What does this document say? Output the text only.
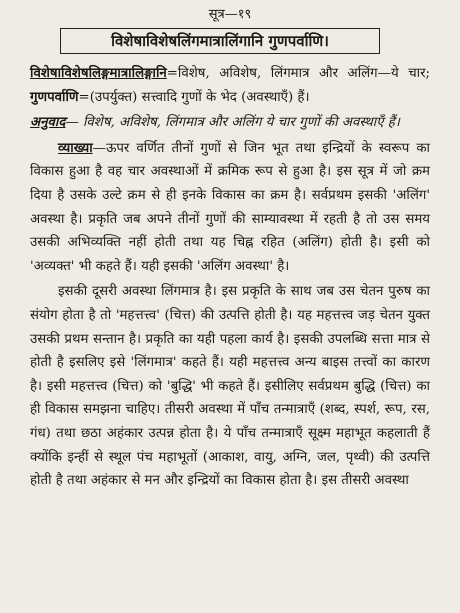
सूत्र—१९
विशेषाविशेषलिंगमात्रालिंगानि गुणपर्वाणि।

विशेषाविशेषलिङ्गमात्रालिङ्गानि=विशेष, अविशेष, लिंगमात्र और अलिंग—ये चार; गुणपर्वाणि=(उपर्युक्त) सत्त्वादि गुणों के भेद (अवस्थाएँ) हैं।

अनुवाद— विशेष, अविशेष, लिंगमात्र और अलिंग ये चार गुणों की अवस्थाएँ हैं।

व्याख्या—ऊपर वर्णित तीनों गुणों से जिन भूत तथा इन्द्रियों के स्वरूप का विकास हुआ है वह चार अवस्थाओं में क्रमिक रूप से हुआ है। इस सूत्र में जो क्रम दिया है उसके उल्टे क्रम से ही इनके विकास का क्रम है। सर्वप्रथम इसकी 'अलिंग' अवस्था है। प्रकृति जब अपने तीनों गुणों की साम्यावस्था में रहती है तो उस समय उसकी अभिव्यक्ति नहीं होती तथा यह चिह्न रहित (अलिंग) होती है। इसी को 'अव्यक्त' भी कहते हैं। यही इसकी 'अलिंग अवस्था' है।

इसकी दूसरी अवस्था लिंगमात्र है। इस प्रकृति के साथ जब उस चेतन पुरुष का संयोग होता है तो 'महत्तत्त्व' (चित्त) की उत्पत्ति होती है। यह महत्तत्त्व जड़ चेतन युक्त उसकी प्रथम सन्तान है। प्रकृति का यही पहला कार्य है। इसकी उपलब्धि सत्ता मात्र से होती है इसलिए इसे 'लिंगमात्र' कहते हैं। यही महत्तत्त्व अन्य बाइस तत्त्वों का कारण है। इसी महत्तत्त्व (चित्त) को 'बुद्धि' भी कहते हैं। इसीलिए सर्वप्रथम बुद्धि (चित्त) का ही विकास समझना चाहिए। तीसरी अवस्था में पाँच तन्मात्राएँ (शब्द, स्पर्श, रूप, रस, गंध) तथा छठा अहंकार उत्पन्न होता है। ये पाँच तन्मात्राएँ सूक्ष्म महाभूत कहलाती हैं क्योंकि इन्हीं से स्थूल पंच महाभूतों (आकाश, वायु, अग्नि, जल, पृथ्वी) की उत्पत्ति होती है तथा अहंकार से मन और इन्द्रियों का विकास होता है। इस तीसरी अवस्था
